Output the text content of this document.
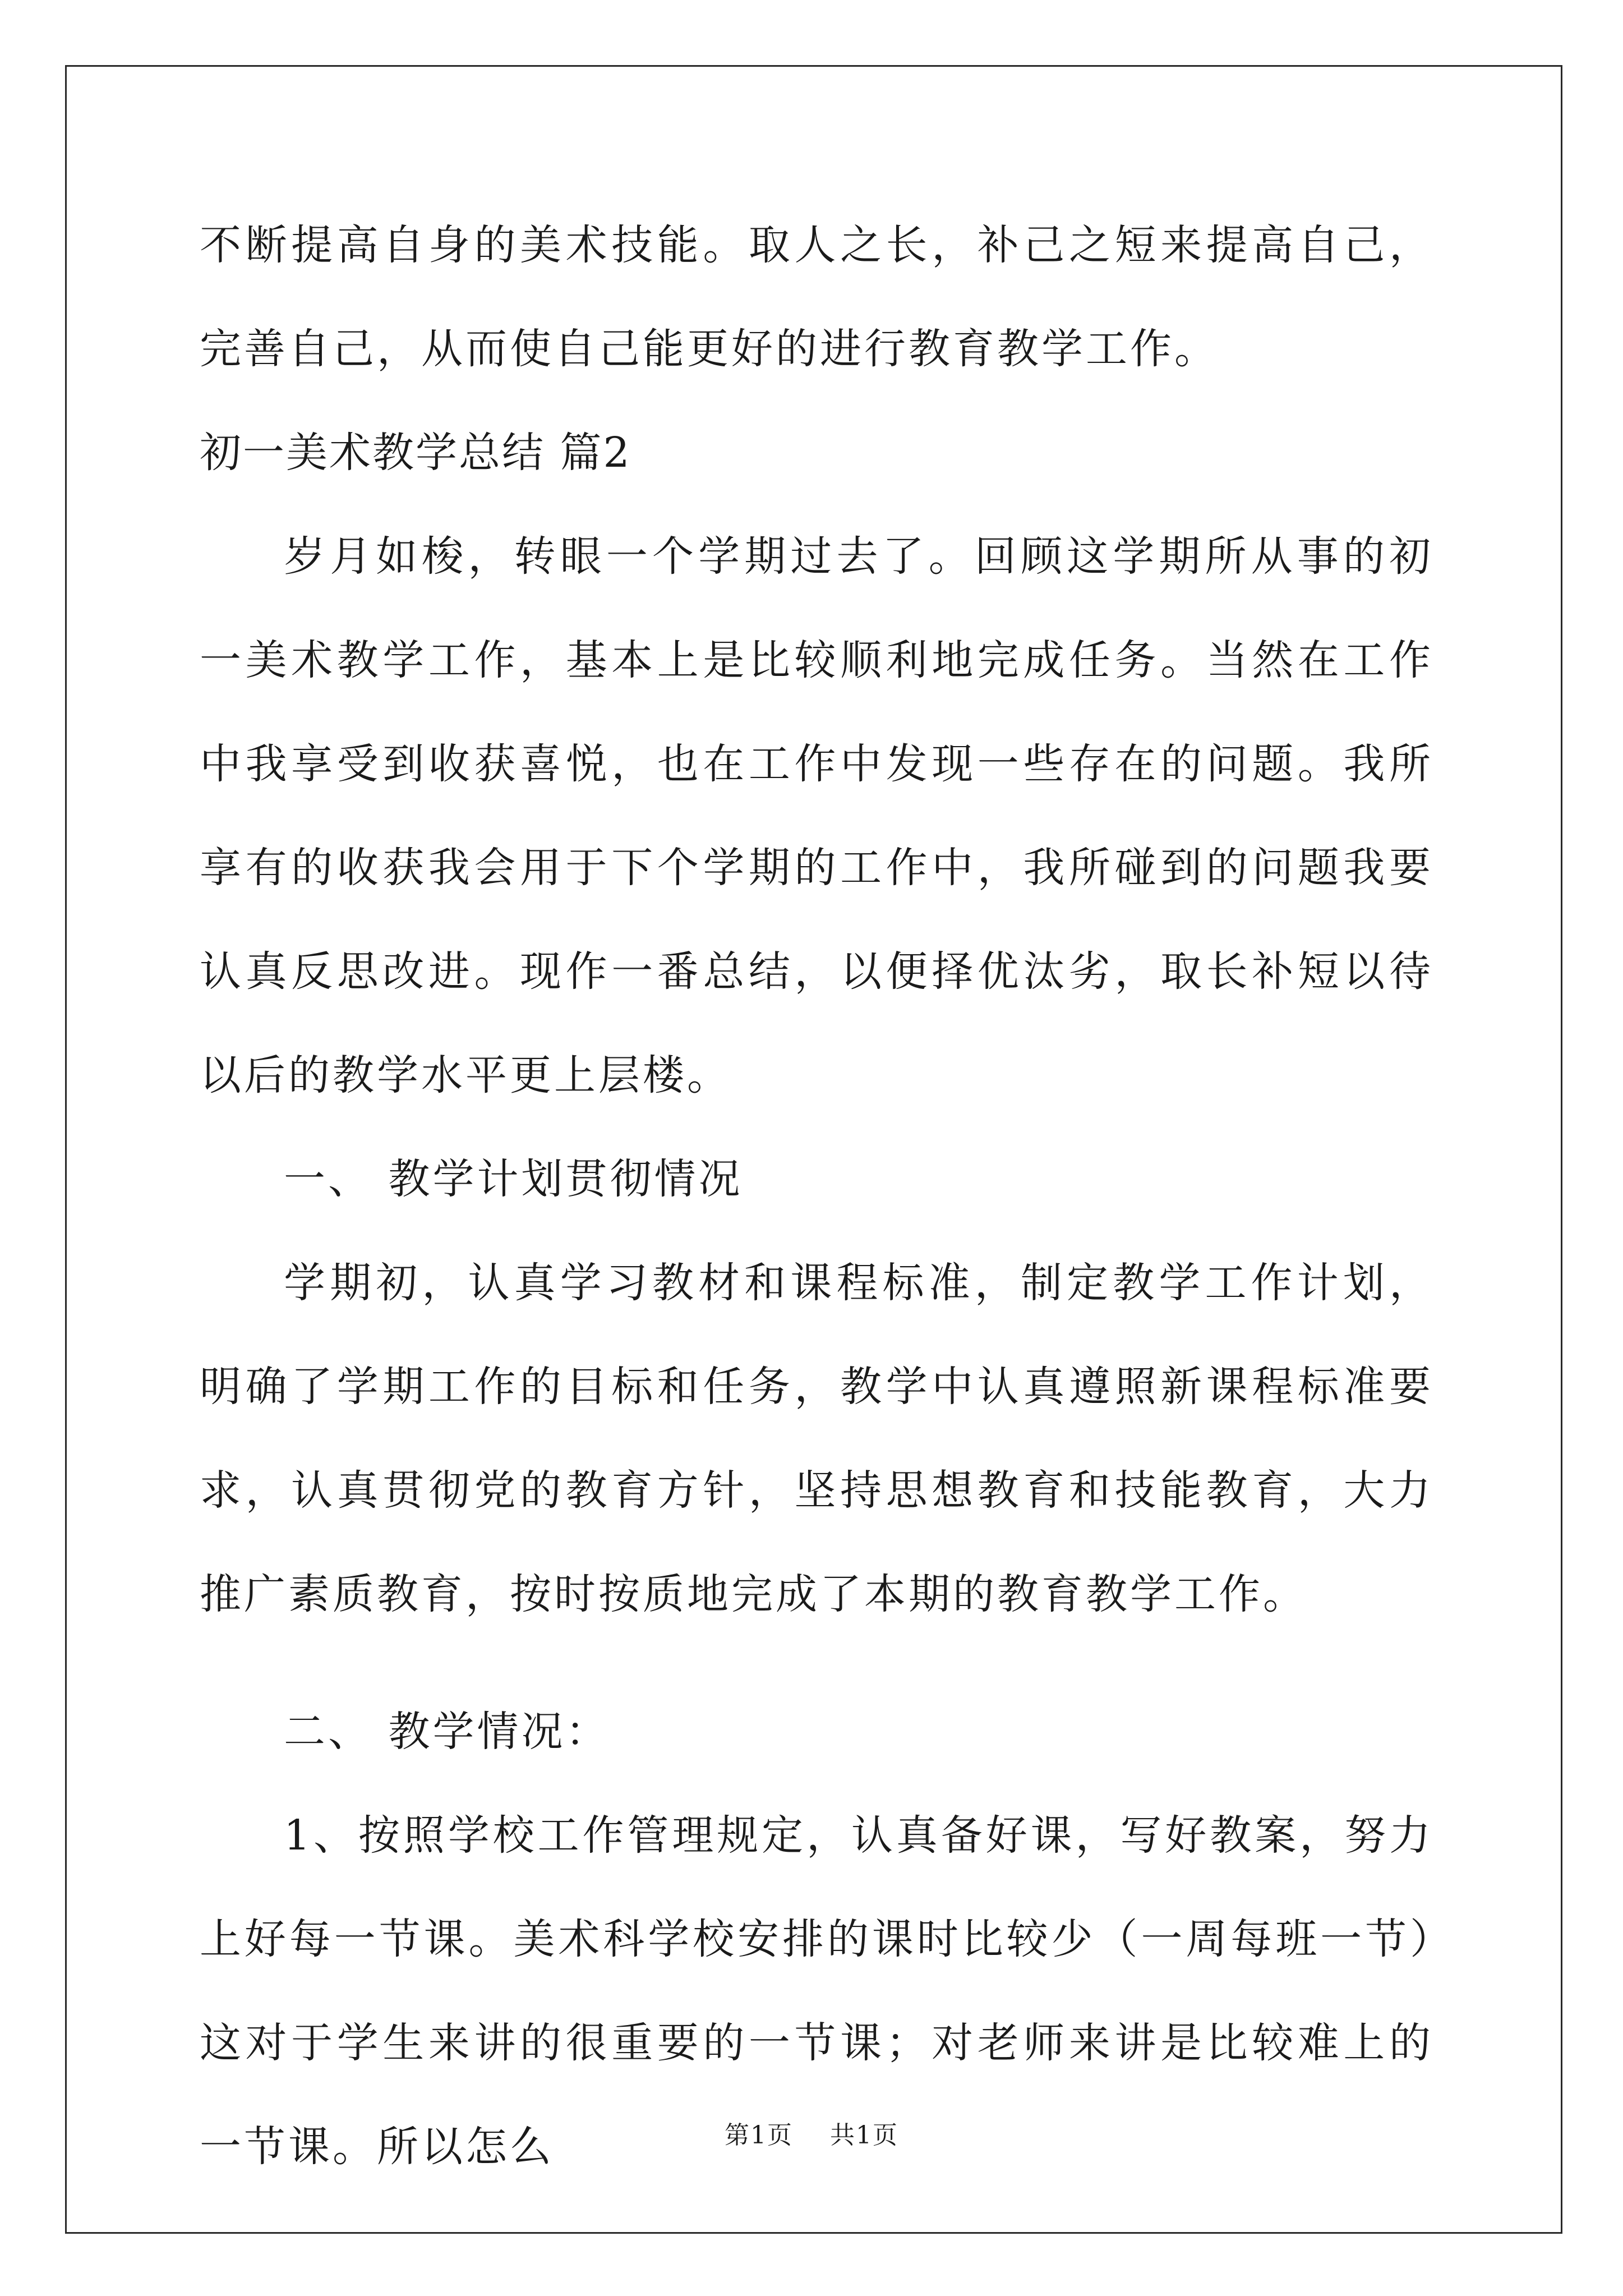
不断提高自身的美术技能。取人之长，补己之短来提高自己，完善自己，从而使自己能更好的进行教育教学工作。

初一美术教学总结 篇2

岁月如梭，转眼一个学期过去了。回顾这学期所从事的初一美术教学工作，基本上是比较顺利地完成任务。当然在工作中我享受到收获喜悦，也在工作中发现一些存在的问题。我所享有的收获我会用于下个学期的工作中，我所碰到的问题我要认真反思改进。现作一番总结，以便择优汰劣，取长补短以待以后的教学水平更上层楼。

一、 教学计划贯彻情况

学期初，认真学习教材和课程标准，制定教学工作计划，明确了学期工作的目标和任务，教学中认真遵照新课程标准要求，认真贯彻党的教育方针，坚持思想教育和技能教育，大力推广素质教育，按时按质地完成了本期的教育教学工作。

二、 教学情况：

1、按照学校工作管理规定，认真备好课，写好教案，努力上好每一节课。美术科学校安排的课时比较少（一周每班一节）这对于学生来讲的很重要的一节课；对老师来讲是比较难上的一节课。所以怎么	第1页 共1页
